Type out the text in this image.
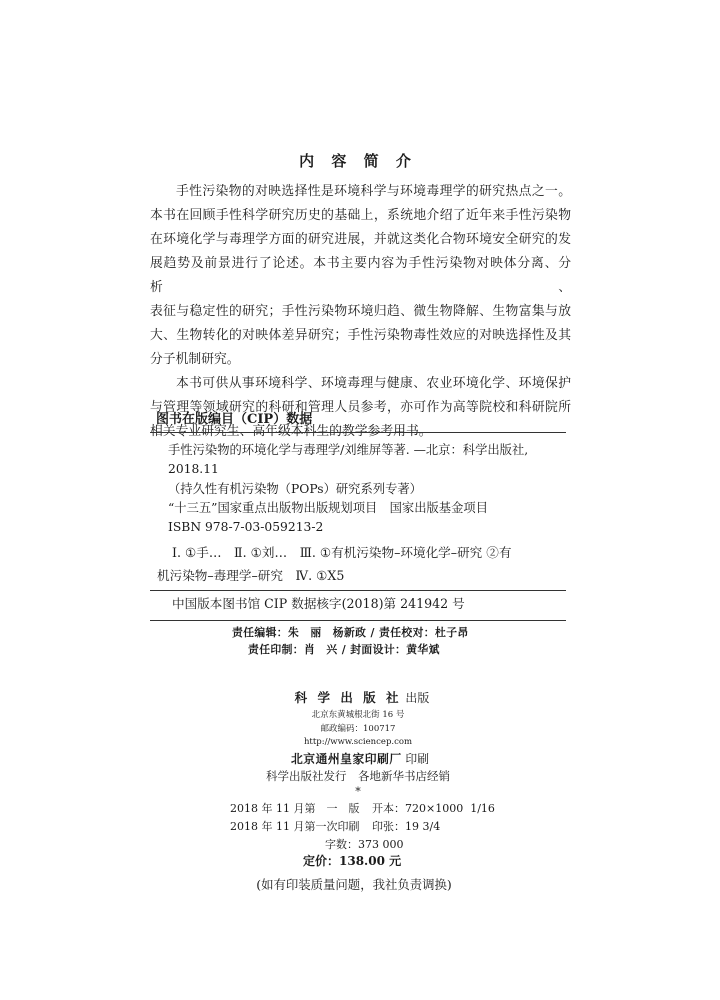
内 容 简 介
手性污染物的对映选择性是环境科学与环境毒理学的研究热点之一。
本书在回顾手性科学研究历史的基础上，系统地介绍了近年来手性污染物
在环境化学与毒理学方面的研究进展，并就这类化合物环境安全研究的发
展趋势及前景进行了论述。本书主要内容为手性污染物对映体分离、分析、
表征与稳定性的研究；手性污染物环境归趋、微生物降解、生物富集与放
大、生物转化的对映体差异研究；手性污染物毒性效应的对映选择性及其
分子机制研究。
本书可供从事环境科学、环境毒理与健康、农业环境化学、环境保护
与管理等领域研究的科研和管理人员参考，亦可作为高等院校和科研院所
相关专业研究生、高年级本科生的教学参考用书。
图书在版编目（CIP）数据
手性污染物的环境化学与毒理学/刘维屏等著. —北京：科学出版社,
2018.11
（持久性有机污染物（POPs）研究系列专著）
“十三五”国家重点出版物出版规划项目　国家出版基金项目
ISBN 978-7-03-059213-2
Ⅰ. ①手…　Ⅱ. ①刘…　Ⅲ. ①有机污染物–环境化学–研究 ②有
机污染物–毒理学–研究　Ⅳ. ①X5
中国版本图书馆 CIP 数据核字(2018)第 241942 号
责任编辑：朱　丽　杨新政 / 责任校对：杜子昂
责任印制：肖　兴 / 封面设计：黄华斌
科 学 出 版 社 出版
北京东黄城根北街 16 号
邮政编码：100717
http://www.sciencep.com
北京通州皇家印刷厂 印刷
科学出版社发行　各地新华书店经销
*
2018 年 11 月第　一　版 开本：720×1000  1/16
2018 年 11 月第一次印刷 印张：19 3/4
字数：373 000
定价：138.00 元
(如有印装质量问题，我社负责调换)
